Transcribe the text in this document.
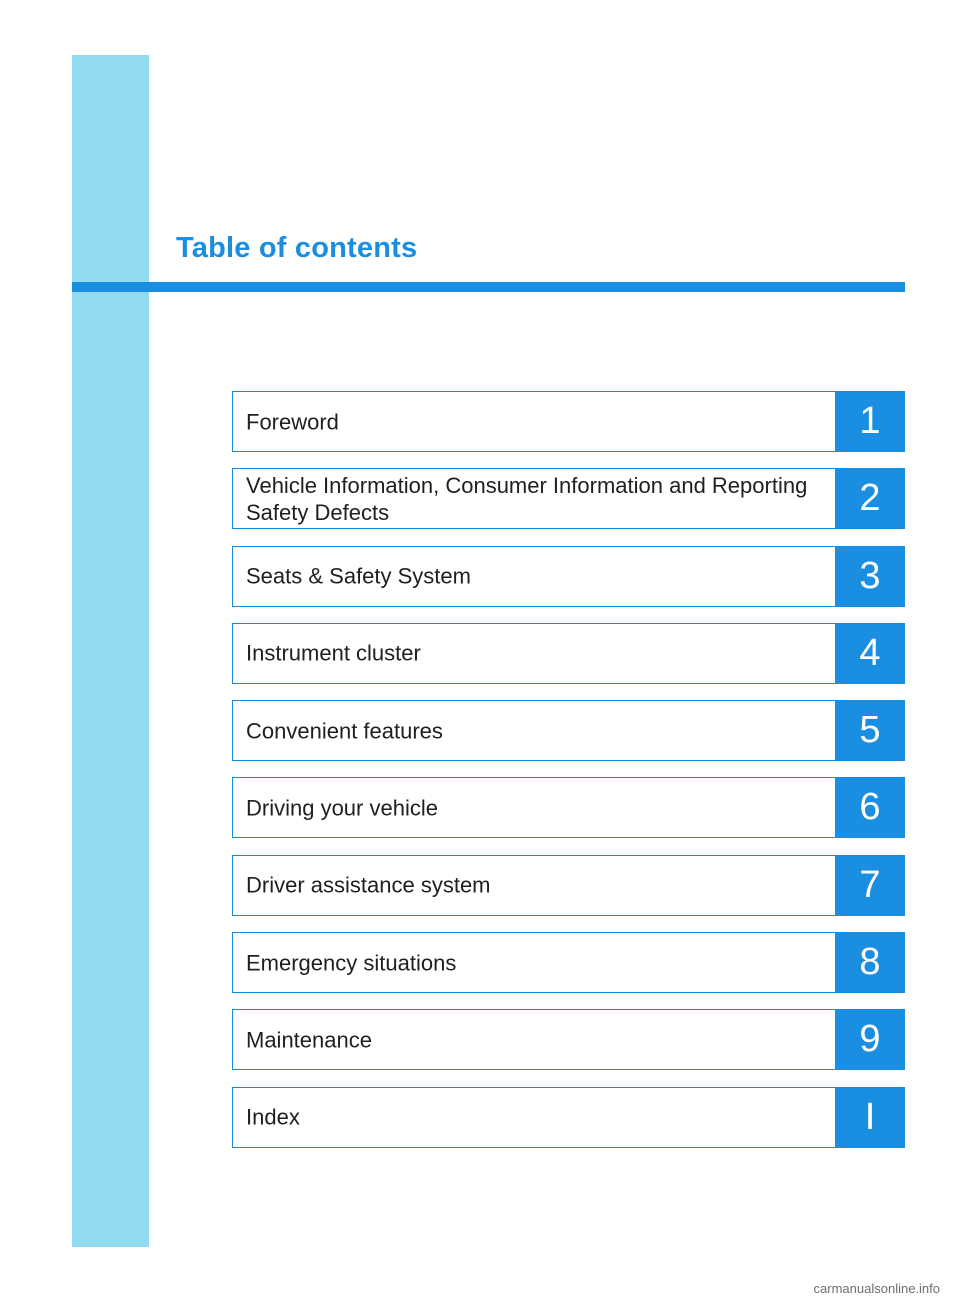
Table of contents
Foreword	1
Vehicle Information, Consumer Information and Reporting Safety Defects	2
Seats & Safety System	3
Instrument cluster	4
Convenient features	5
Driving your vehicle	6
Driver assistance system	7
Emergency situations	8
Maintenance	9
Index	I
carmanualsonline.info
